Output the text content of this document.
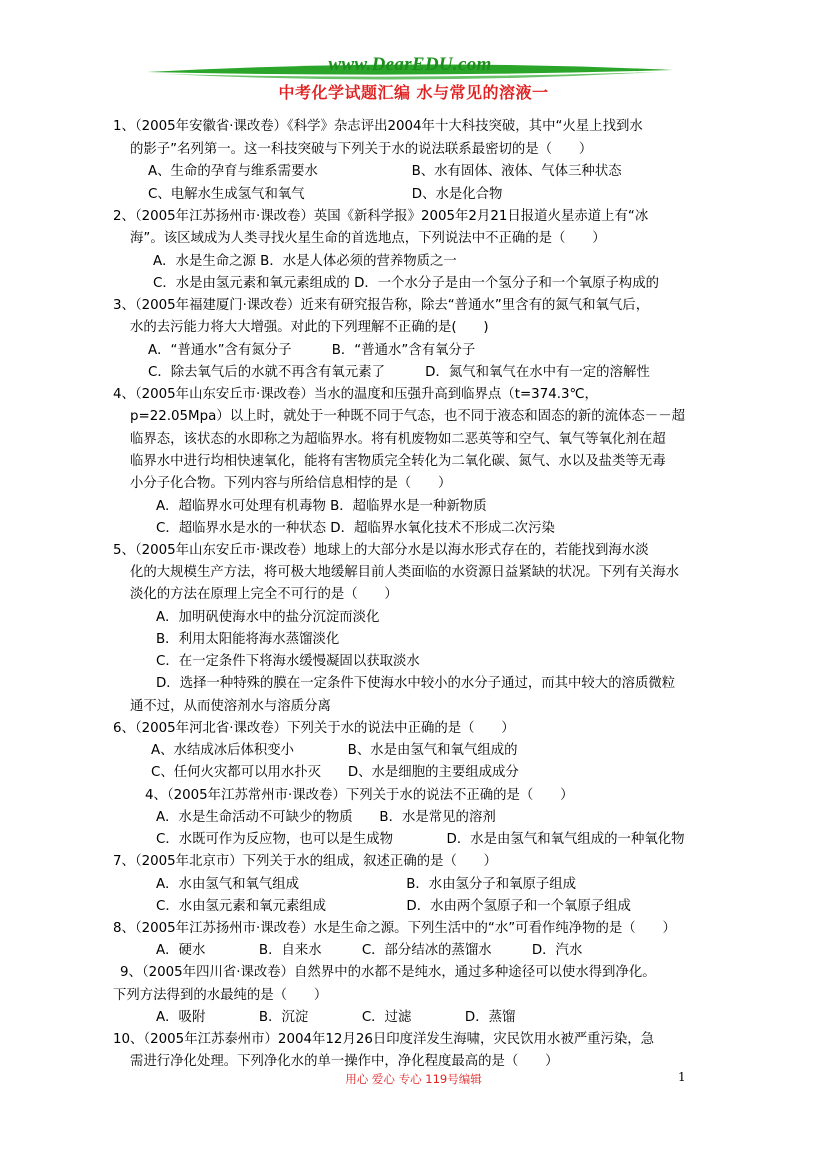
www.DearEDU.com
中考化学试题汇编 水与常见的溶液一
1、（2005年安徽省·课改卷）《科学》杂志评出2004年十大科技突破，其中“火星上找到水
的影子”名列第一。这一科技突破与下列关于水的说法联系最密切的是（　　）
A、生命的孕育与维系需要水　　　　　　　B、水有固体、液体、气体三种状态
C、电解水生成氢气和氧气　　　　　　　　D、水是化合物
2、（2005年江苏扬州市·课改卷）英国《新科学报》2005年2月21日报道火星赤道上有“冰
海”。该区域成为人类寻找火星生命的首选地点，下列说法中不正确的是（　　）
A．水是生命之源 B．水是人体必须的营养物质之一
C．水是由氢元素和氧元素组成的 D．一个水分子是由一个氢分子和一个氧原子构成的
3、（2005年福建厦门·课改卷）近来有研究报告称，除去“普通水”里含有的氮气和氧气后，
水的去污能力将大大增强。对此的下列理解不正确的是(　　)
A．“普通水”含有氮分子　　　B．“普通水”含有氧分子
C．除去氧气后的水就不再含有氧元素了　　　D．氮气和氧气在水中有一定的溶解性
4、（2005年山东安丘市·课改卷）当水的温度和压强升高到临界点（t=374.3℃，
p=22.05Mpa）以上时，就处于一种既不同于气态，也不同于液态和固态的新的流体态－－超
临界态，该状态的水即称之为超临界水。将有机废物如二恶英等和空气、氧气等氧化剂在超
临界水中进行均相快速氧化，能将有害物质完全转化为二氧化碳、氮气、水以及盐类等无毒
小分子化合物。下列内容与所给信息相悖的是（　　）
A．超临界水可处理有机毒物 B．超临界水是一种新物质
C．超临界水是水的一种状态 D．超临界水氧化技术不形成二次污染
5、（2005年山东安丘市·课改卷）地球上的大部分水是以海水形式存在的，若能找到海水淡
化的大规模生产方法，将可极大地缓解目前人类面临的水资源日益紧缺的状况。下列有关海水
淡化的方法在原理上完全不可行的是（　　）
A．加明矾使海水中的盐分沉淀而淡化
B．利用太阳能将海水蒸馏淡化
C．在一定条件下将海水缓慢凝固以获取淡水
D．选择一种特殊的膜在一定条件下使海水中较小的水分子通过，而其中较大的溶质微粒
通不过，从而使溶剂水与溶质分离
6、（2005年河北省·课改卷）下列关于水的说法中正确的是（　　）
A、水结成冰后体积变小　　　　B、水是由氢气和氧气组成的
C、任何火灾都可以用水扑灭　　D、水是细胞的主要组成成分
4、（2005年江苏常州市·课改卷）下列关于水的说法不正确的是（　　）
A．水是生命活动不可缺少的物质　　B．水是常见的溶剂
C．水既可作为反应物，也可以是生成物　　　　D．水是由氢气和氧气组成的一种氧化物
7、（2005年北京市）下列关于水的组成，叙述正确的是（　　）
A．水由氢气和氧气组成　　　　　　　　B．水由氢分子和氧原子组成
C．水由氢元素和氧元素组成　　　　　　D．水由两个氢原子和一个氧原子组成
8、（2005年江苏扬州市·课改卷）水是生命之源。下列生活中的“水”可看作纯净物的是（　　）
A．硬水　　　　B．自来水　　　C．部分结冰的蒸馏水　　　D．汽水
9、（2005年四川省·课改卷）自然界中的水都不是纯水，通过多种途径可以使水得到净化。
下列方法得到的水最纯的是（　　）
A．吸附　　　　B．沉淀　　　　C．过滤　　　　D．蒸馏
10、（2005年江苏泰州市）2004年12月26日印度洋发生海啸，灾民饮用水被严重污染，急
需进行净化处理。下列净化水的单一操作中，净化程度最高的是（　　）
用心 爱心 专心 119号编辑	1
